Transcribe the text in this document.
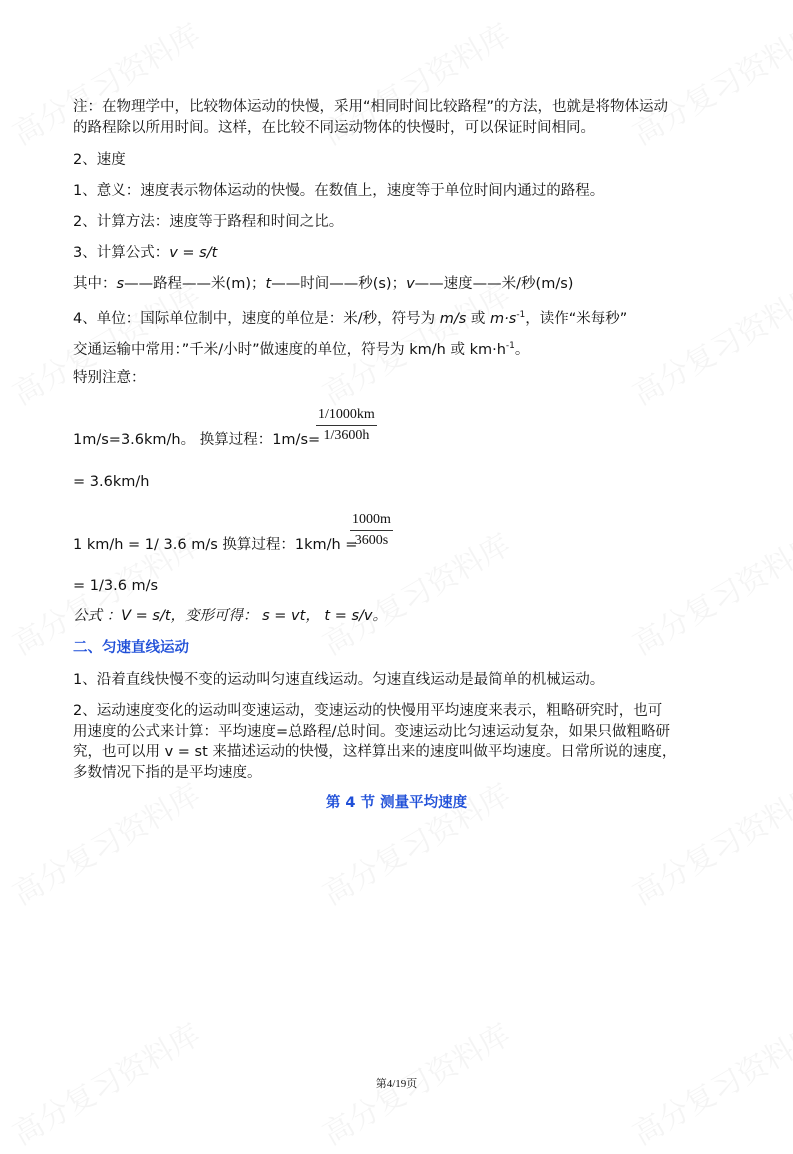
注：在物理学中，比较物体运动的快慢，采用“相同时间比较路程”的方法，也就是将物体运动
的路程除以所用时间。这样，在比较不同运动物体的快慢时，可以保证时间相同。
2、速度
1、意义：速度表示物体运动的快慢。在数值上，速度等于单位时间内通过的路程。
2、计算方法：速度等于路程和时间之比。
3、计算公式：v = s/t
其中：s——路程——米(m)；t——时间——秒(s)；v——速度——米/秒(m/s)
4、单位：国际单位制中，速度的单位是：米/秒，符号为 m/s 或 $m\cdot s^{-1}$，读作“米每秒”
交通运输中常用：”千米/小时”做速度的单位，符号为 km/h 或 $km\cdot h^{-1}$。
特别注意：
1m/s=3.6km/h。 换算过程：1m/s=
$\frac{1/1000km}{1/3600h}$
= 3.6km/h
1 km/h = 1/ 3.6 m/s 换算过程：1km/h =
$\frac{1000m}{3600s}$
= 1/3.6 m/s
公式 ：V = s/t，变形可得： s = vt， t = s/v。
二、匀速直线运动
1、沿着直线快慢不变的运动叫匀速直线运动。匀速直线运动是最简单的机械运动。
2、运动速度变化的运动叫变速运动，变速运动的快慢用平均速度来表示，粗略研究时，也可
用速度的公式来计算：平均速度=总路程/总时间。变速运动比匀速运动复杂，如果只做粗略研
究，也可以用 v = st 来描述运动的快慢，这样算出来的速度叫做平均速度。日常所说的速度，
多数情况下指的是平均速度。
第 4 节 测量平均速度
第4/19页
